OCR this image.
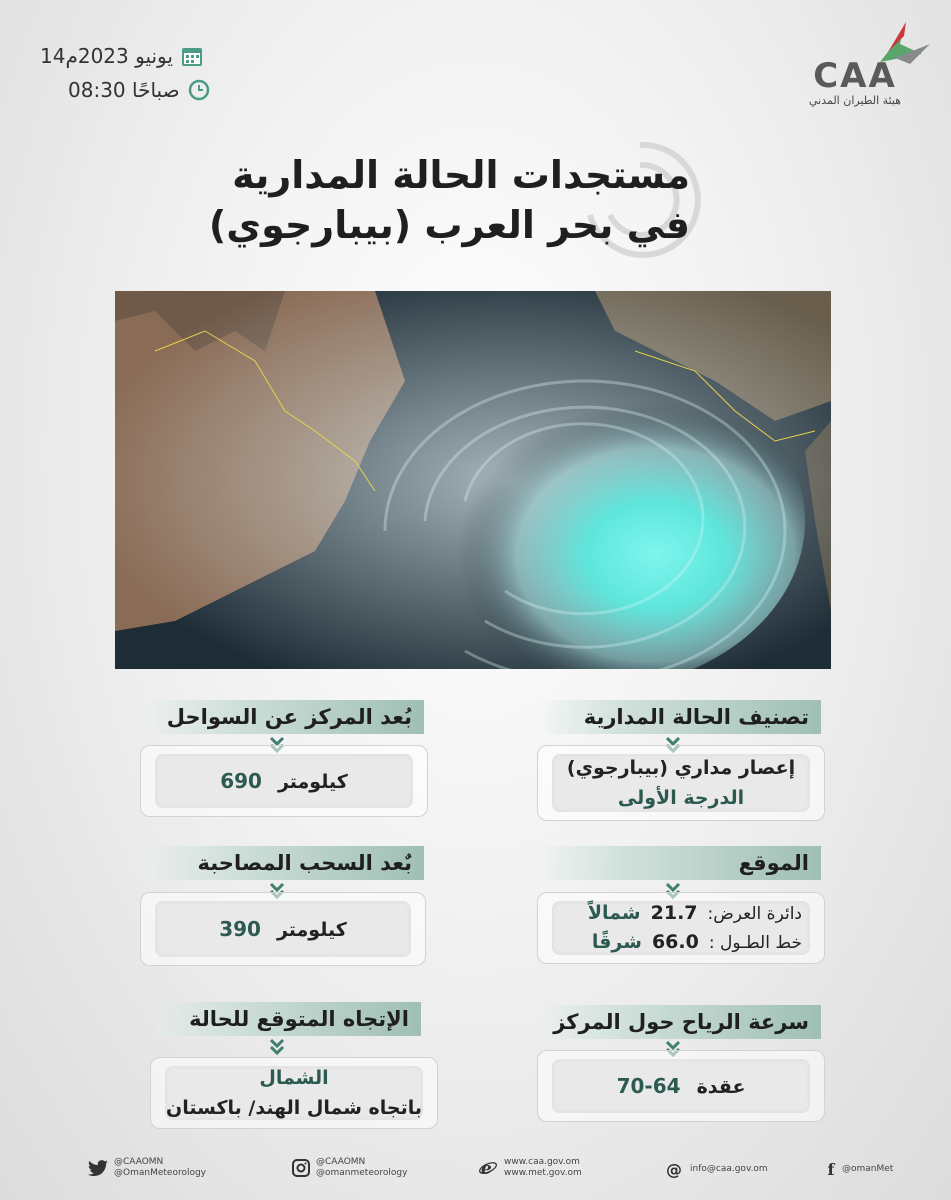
CAA
هيئة الطيران المدني
14يونيو 2023م
08:30 صباحًا
مستجدات الحالة المدارية
في بحر العرب (بيبارجوي)
تصنيف الحالة المدارية
إعصار مداري (بيبارجوي)
الدرجة الأولى
بُعد المركز عن السواحل
كيلومتر690
الموقع
دائرة العرض:
21.7
شمالاً
خط الطـول :
66.0
شرقًا
بٌعد السحب المصاحبة
كيلومتر390
سرعة الرياح حول المركز
عقدة64-70
الإتجاه المتوقع للحالة
الشمال
باتجاه شمال الهند/ باكستان
@CAAOMN
@OmanMeteorology
@CAAOMN
@omanmeteorology	e www.caa.gov.om
www.met.gov.om	@ info@caa.gov.om	f @omanMet
